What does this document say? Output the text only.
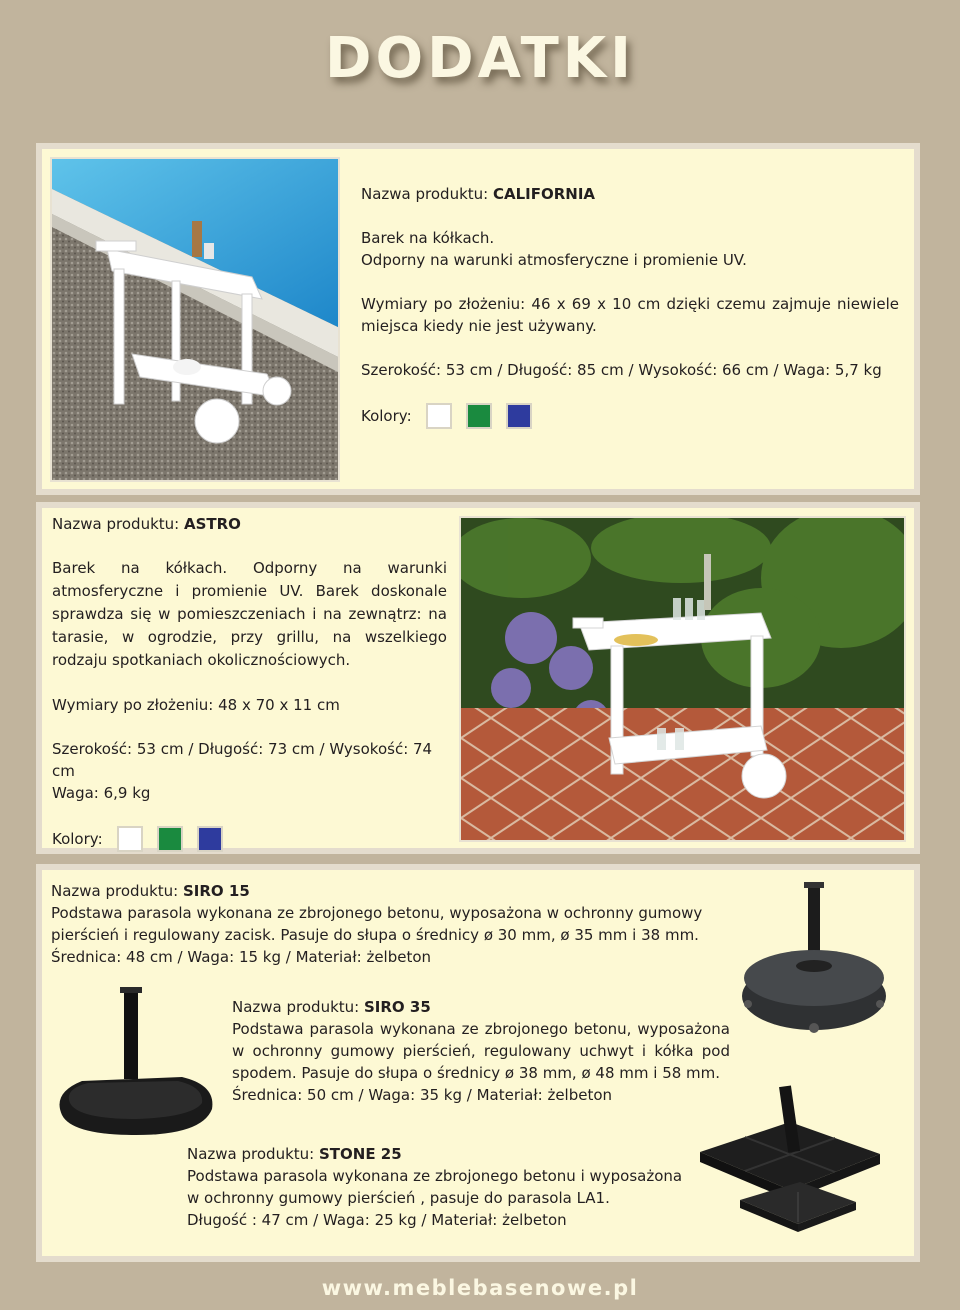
DODATKI

Nazwa produktu: CALIFORNIA

Barek na kółkach.

Odporny na warunki atmosferyczne i promienie UV.

Wymiary po złożeniu: 46 x 69 x 10 cm dzięki czemu zajmuje niewiele miejsca kiedy nie jest używany.

Szerokość: 53 cm / Długość: 85 cm / Wysokość: 66 cm / Waga: 5,7 kg

Kolory:

Nazwa produktu: ASTRO

Barek na kółkach. Odporny na warunki atmosferyczne i promienie UV. Barek doskonale sprawdza się w pomieszczeniach i na zewnątrz: na tarasie, w ogrodzie, przy grillu, na wszelkiego rodzaju spotkaniach okolicznościowych.

Wymiary po złożeniu: 48 x 70 x 11 cm

Szerokość: 53 cm / Długość: 73 cm / Wysokość: 74 cm

Waga: 6,9 kg

Kolory:

Nazwa produktu: SIRO 15

Podstawa parasola wykonana ze zbrojonego betonu, wyposażona w ochronny gumowy

pierścień i regulowany zacisk. Pasuje do słupa o średnicy ø 30 mm, ø 35 mm i 38 mm.

Średnica: 48 cm / Waga: 15 kg / Materiał: żelbeton

Nazwa produktu: SIRO 35

Podstawa parasola wykonana ze zbrojonego betonu, wyposażona w ochronny gumowy pierścień, regulowany uchwyt i kółka pod spodem. Pasuje do słupa o średnicy ø 38 mm, ø 48 mm i 58 mm.

Średnica: 50 cm / Waga: 35 kg / Materiał: żelbeton

Nazwa produktu: STONE 25

Podstawa parasola wykonana ze zbrojonego betonu i wyposażona

w ochronny gumowy pierścień , pasuje do parasola LA1.

Długość : 47 cm / Waga: 25 kg / Materiał: żelbeton

www.meblebasenowe.pl
